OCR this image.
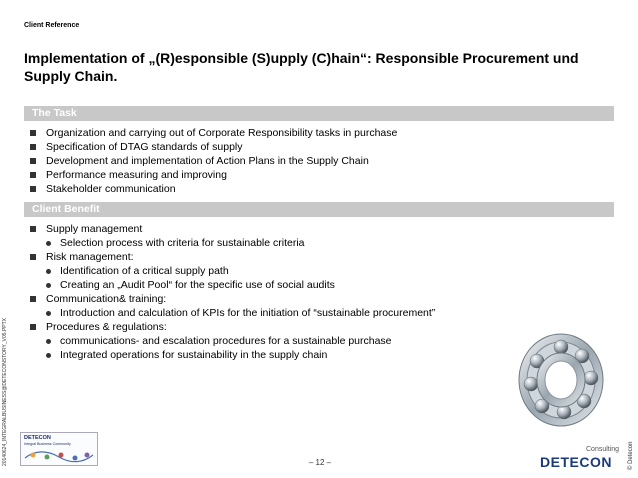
20140624_INTEGRALBUSINESS@DETECONSTORY_V05.PPTX	© Detecon
Client Reference
Implementation of „(R)esponsible (S)upply (C)hain“: Responsible Procurement und Supply Chain.
The Task
Organization and carrying out of Corporate Responsibility tasks in purchase
Specification of DTAG standards of supply
Development and implementation of Action Plans in the Supply Chain
Performance measuring and improving
Stakeholder communication
Client Benefit
Supply management
Selection process with criteria for sustainable criteria
Risk management:
Identification of a critical supply path
Creating an „Audit Pool“ for the specific use of social audits
Communication& training:
Introduction and calculation of KPIs for the initiation of “sustainable procurement”
Procedures & regulations:
communications- and escalation procedures for a sustainable purchase
Integrated operations for sustainability in the supply chain
DETECON
Integral Business Community
– 12 –
Consulting
DETECON
